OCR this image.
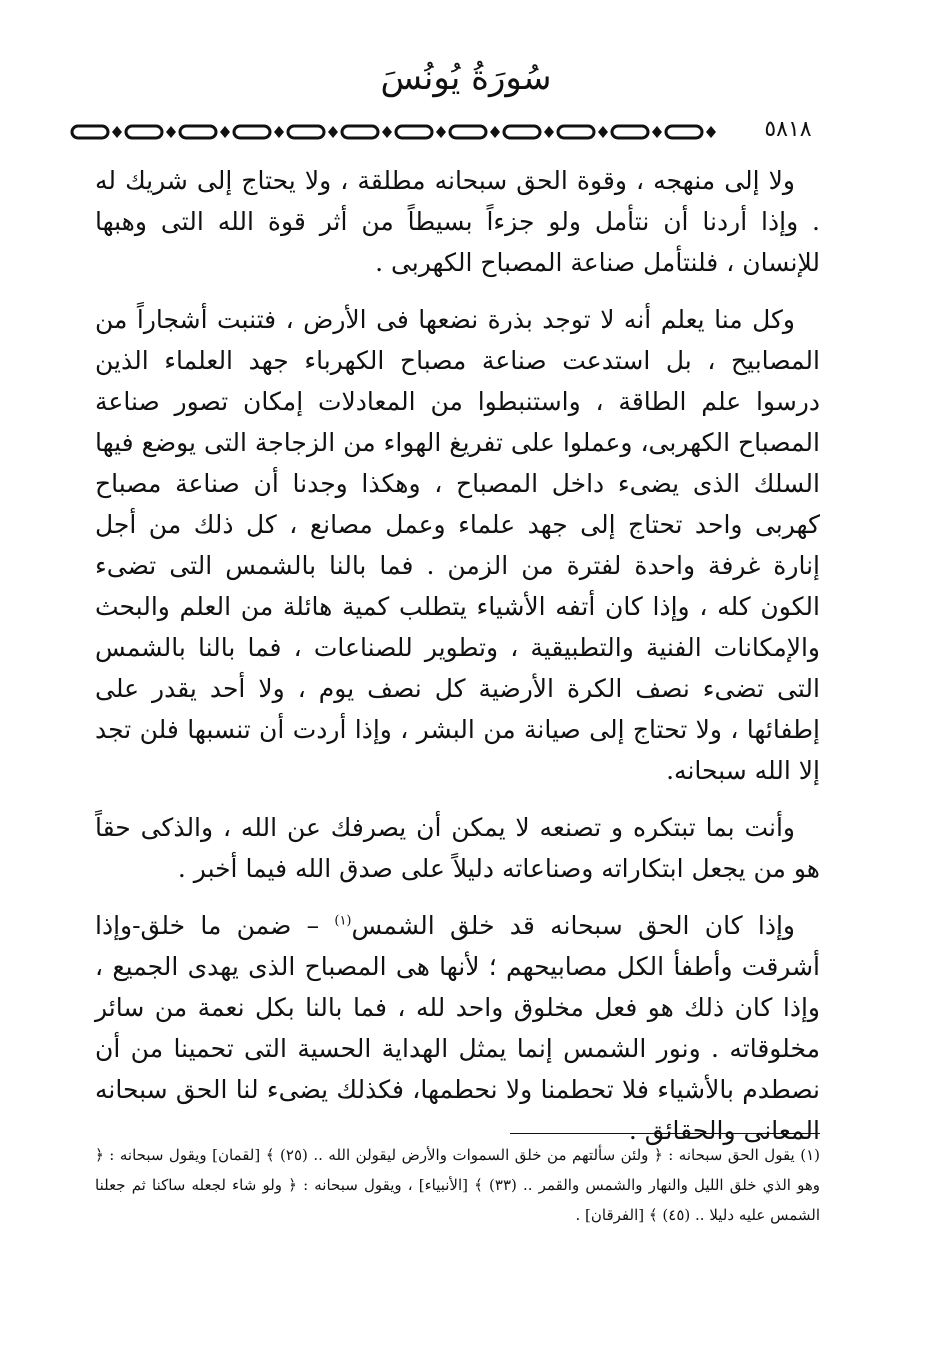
سُورَةُ يُونُسَ
٥٨١٨

ولا إلى منهجه ، وقوة الحق سبحانه مطلقة ، ولا يحتاج إلى شريك له . وإذا أردنا أن نتأمل ولو جزءاً بسيطاً من أثر قوة الله التى وهبها للإنسان ، فلنتأمل صناعة المصباح الكهربى .

وكل منا يعلم أنه لا توجد بذرة نضعها فى الأرض ، فتنبت أشجاراً من المصابيح ، بل استدعت صناعة مصباح الكهرباء جهد العلماء الذين درسوا علم الطاقة ، واستنبطوا من المعادلات إمكان تصور صناعة المصباح الكهربى، وعملوا على تفريغ الهواء من الزجاجة التى يوضع فيها السلك الذى يضىء داخل المصباح ، وهكذا وجدنا أن صناعة مصباح كهربى واحد تحتاج إلى جهد علماء وعمل مصانع ، كل ذلك من أجل إنارة غرفة واحدة لفترة من الزمن . فما بالنا بالشمس التى تضىء الكون كله ، وإذا كان أتفه الأشياء يتطلب كمية هائلة من العلم والبحث والإمكانات الفنية والتطبيقية ، وتطوير للصناعات ، فما بالنا بالشمس التى تضىء نصف الكرة الأرضية كل نصف يوم ، ولا أحد يقدر على إطفائها ، ولا تحتاج إلى صيانة من البشر ، وإذا أردت أن تنسبها فلن تجد إلا الله سبحانه.

وأنت بما تبتكره و تصنعه لا يمكن أن يصرفك عن الله ، والذكى حقاً هو من يجعل ابتكاراته وصناعاته دليلاً على صدق الله فيما أخبر .

وإذا كان الحق سبحانه قد خلق الشمس$^{(١)}$ – ضمن ما خلق-وإذا أشرقت وأطفأ الكل مصابيحهم ؛ لأنها هى المصباح الذى يهدى الجميع ، وإذا كان ذلك هو فعل مخلوق واحد لله ، فما بالنا بكل نعمة من سائر مخلوقاته . ونور الشمس إنما يمثل الهداية الحسية التى تحمينا من أن نصطدم بالأشياء فلا تحطمنا ولا نحطمها، فكذلك يضىء لنا الحق سبحانه المعانى والحقائق .

(١) يقول الحق سبحانه : ﴿ ولئن سألتهم من خلق السموات والأرض ليقولن الله .. (٢٥) ﴾ [لقمان] ويقول سبحانه : ﴿ وهو الذي خلق الليل والنهار والشمس والقمر .. (٣٣) ﴾ [الأنبياء] ، ويقول سبحانه : ﴿ ولو شاء لجعله ساكنا ثم جعلنا الشمس عليه دليلا .. (٤٥) ﴾ [الفرقان] .
